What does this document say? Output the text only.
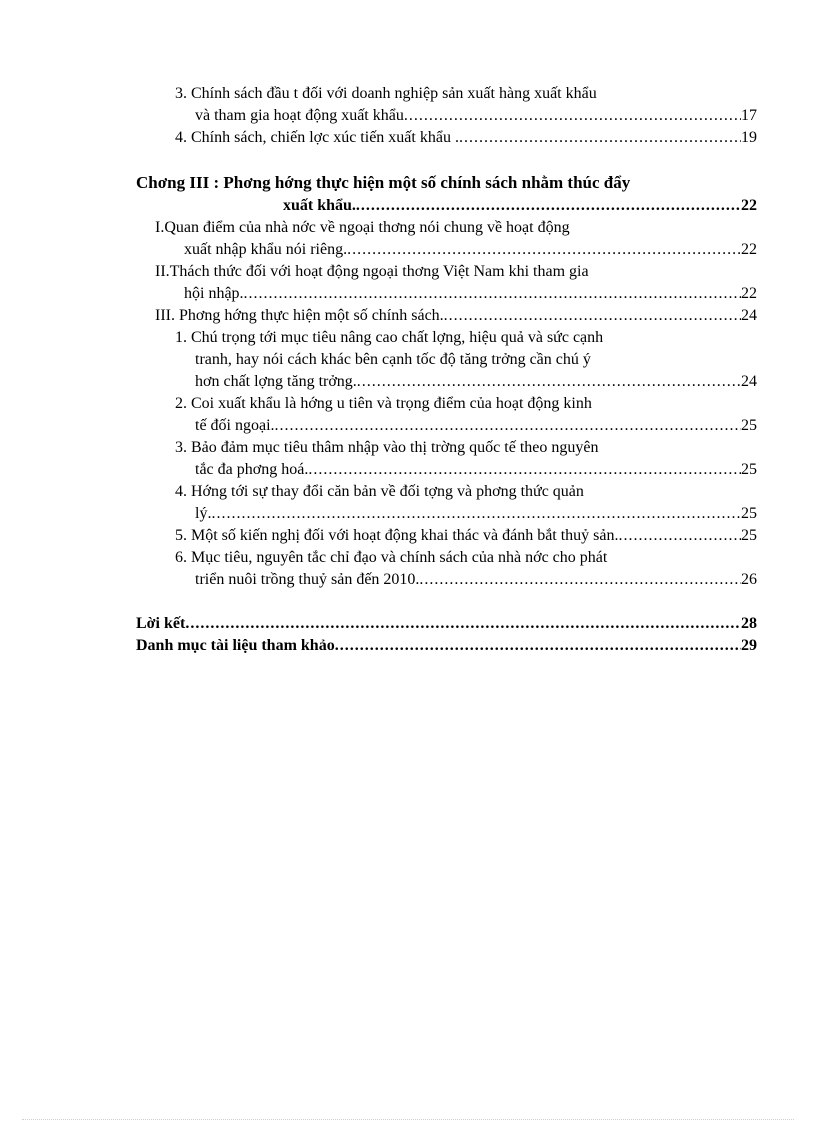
3. Chính sách đầu t đối với doanh nghiệp sản xuất hàng xuất khẩu
và tham gia hoạt động xuất khẩu .....	17
4. Chính sách, chiến lợc xúc tiến xuất khẩu . .....	19
Chơng III : Phơng hớng thực hiện một số chính sách nhằm thúc đẩy
xuất khẩu. .....	22
I.Quan điểm của nhà nớc về ngoại thơng nói chung về hoạt động
xuất nhập khẩu nói riêng. .....	22
II.Thách thức đối với hoạt động ngoại thơng Việt Nam khi tham gia
hội nhập. .....	22
III. Phơng hớng thực hiện một số chính sách. .....	24
1. Chú trọng tới mục tiêu nâng cao chất lợng, hiệu quả và sức cạnh
tranh, hay nói cách khác bên cạnh tốc độ tăng trởng cần chú ý
hơn chất lợng tăng trởng. .....	24
2. Coi xuất khẩu là hớng u tiên và trọng điểm của hoạt động kinh
tế đối ngoại. .....	25
3. Bảo đảm mục tiêu thâm nhập vào thị trờng quốc tế theo nguyên
tắc đa phơng hoá. .....	25
4. Hớng tới sự thay đổi căn bản về đối tợng và phơng thức quản
lý. .....	25
5. Một số kiến nghị đối với hoạt động khai thác và đánh bắt thuỷ sản. .....	25
6. Mục tiêu, nguyên tắc chỉ đạo và chính sách của nhà nớc cho phát
triển nuôi trồng thuỷ sản đến 2010. .....	26
Lời kết .....	28
Danh mục tài liệu tham khảo .....	29
